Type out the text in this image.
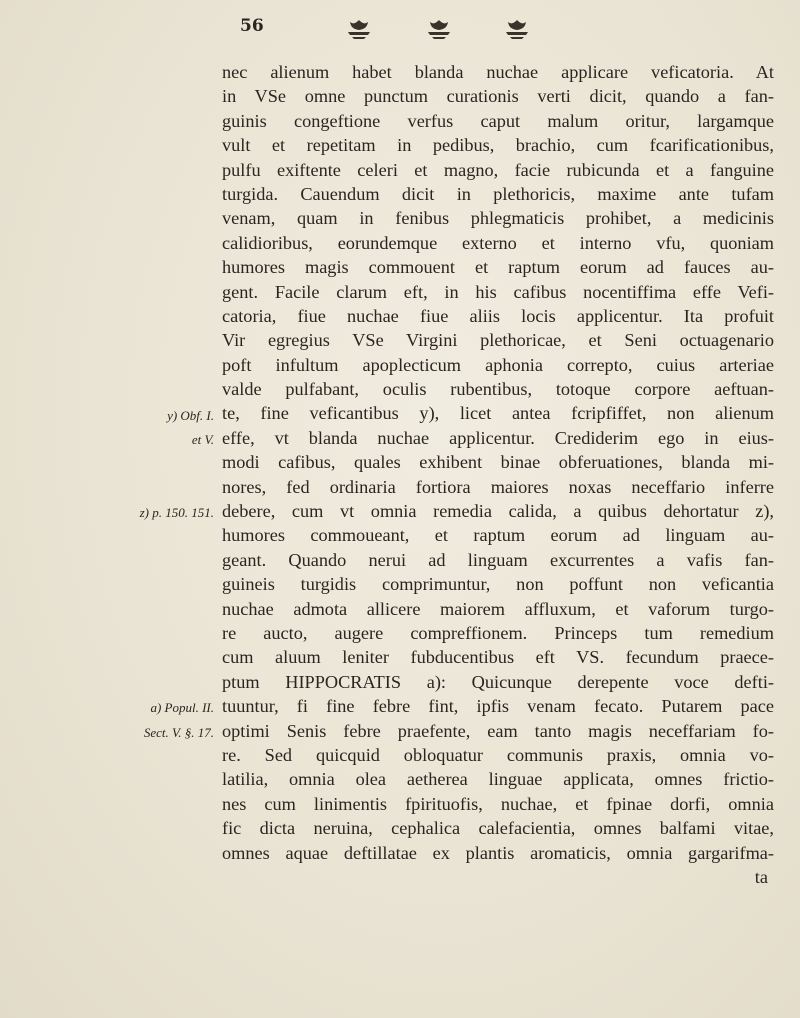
56
y) Obf. I.
et V.
z) p. 150. 151.
a) Popul. II.
Sect. V. §. 17.
nec alienum habet blanda nuchae applicare veficatoria. At
in VSe omne punctum curationis verti dicit, quando a fan-
guinis congeftione verfus caput malum oritur, largamque
vult et repetitam in pedibus, brachio, cum fcarificationibus,
pulfu exiftente celeri et magno, facie rubicunda et a fanguine
turgida. Cauendum dicit in plethoricis, maxime ante tufam
venam, quam in fenibus phlegmaticis prohibet, a medicinis
calidioribus, eorundemque externo et interno vfu, quoniam
humores magis commouent et raptum eorum ad fauces au-
gent. Facile clarum eft, in his cafibus nocentiffima effe Vefi-
catoria, fiue nuchae fiue aliis locis applicentur. Ita profuit
Vir egregius VSe Virgini plethoricae, et Seni octuagenario
poft infultum apoplecticum aphonia correpto, cuius arteriae
valde pulfabant, oculis rubentibus, totoque corpore aeftuan-
te, fine veficantibus y), licet antea fcripfiffet, non alienum
effe, vt blanda nuchae applicentur. Crediderim ego in eius-
modi cafibus, quales exhibent binae obferuationes, blanda mi-
nores, fed ordinaria fortiora maiores noxas neceffario inferre
debere, cum vt omnia remedia calida, a quibus dehortatur z),
humores commoueant, et raptum eorum ad linguam au-
geant. Quando nerui ad linguam excurrentes a vafis fan-
guineis turgidis comprimuntur, non poffunt non veficantia
nuchae admota allicere maiorem affluxum, et vaforum turgo-
re aucto, augere compreffionem. Princeps tum remedium
cum aluum leniter fubducentibus eft VS. fecundum praece-
ptum HIPPOCRATIS a): Quicunque derepente voce defti-
tuuntur, fi fine febre fint, ipfis venam fecato. Putarem pace
optimi Senis febre praefente, eam tanto magis neceffariam fo-
re. Sed quicquid obloquatur communis praxis, omnia vo-
latilia, omnia olea aetherea linguae applicata, omnes frictio-
nes cum linimentis fpirituofis, nuchae, et fpinae dorfi, omnia
fic dicta neruina, cephalica calefacientia, omnes balfami vitae,
omnes aquae deftillatae ex plantis aromaticis, omnia gargarifma-
ta
